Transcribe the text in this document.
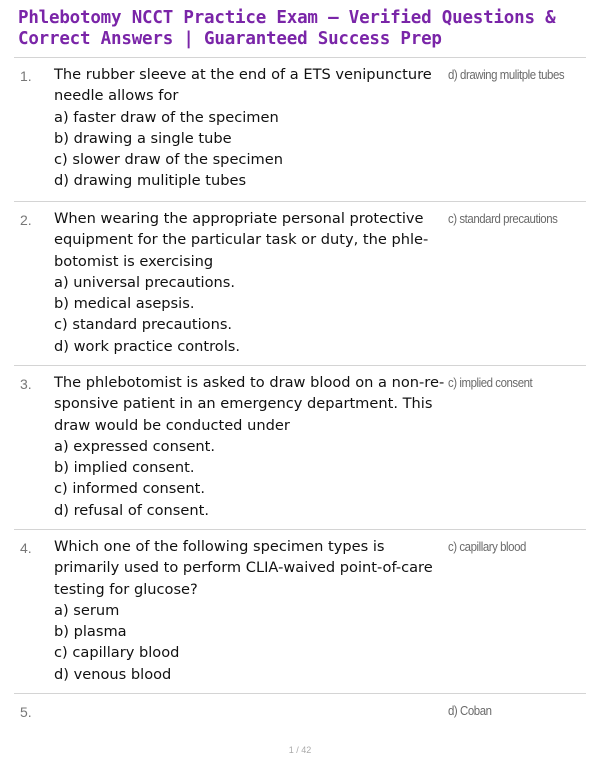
Phlebotomy NCCT Practice Exam – Verified Questions & Correct Answers | Guaranteed Success Prep
1. The rubber sleeve at the end of a ETS venipuncture needle allows for
a) faster draw of the specimen
b) drawing a single tube
c) slower draw of the specimen
d) drawing mulitiple tubes
d) drawing mulitple tubes
2. When wearing the appropriate personal protective equipment for the particular task or duty, the phle-botomist is exercising
a) universal precautions.
b) medical asepsis.
c) standard precautions.
d) work practice controls.
c) standard precautions
3. The phlebotomist is asked to draw blood on a non-re-sponsive patient in an emergency department. This draw would be conducted under
a) expressed consent.
b) implied consent.
c) informed consent.
d) refusal of consent.
c) implied consent
4. Which one of the following specimen types is primarily used to perform CLIA-waived point-of-care testing for glucose?
a) serum
b) plasma
c) capillary blood
d) venous blood
c) capillary blood
5.	d) Coban
1 / 42
